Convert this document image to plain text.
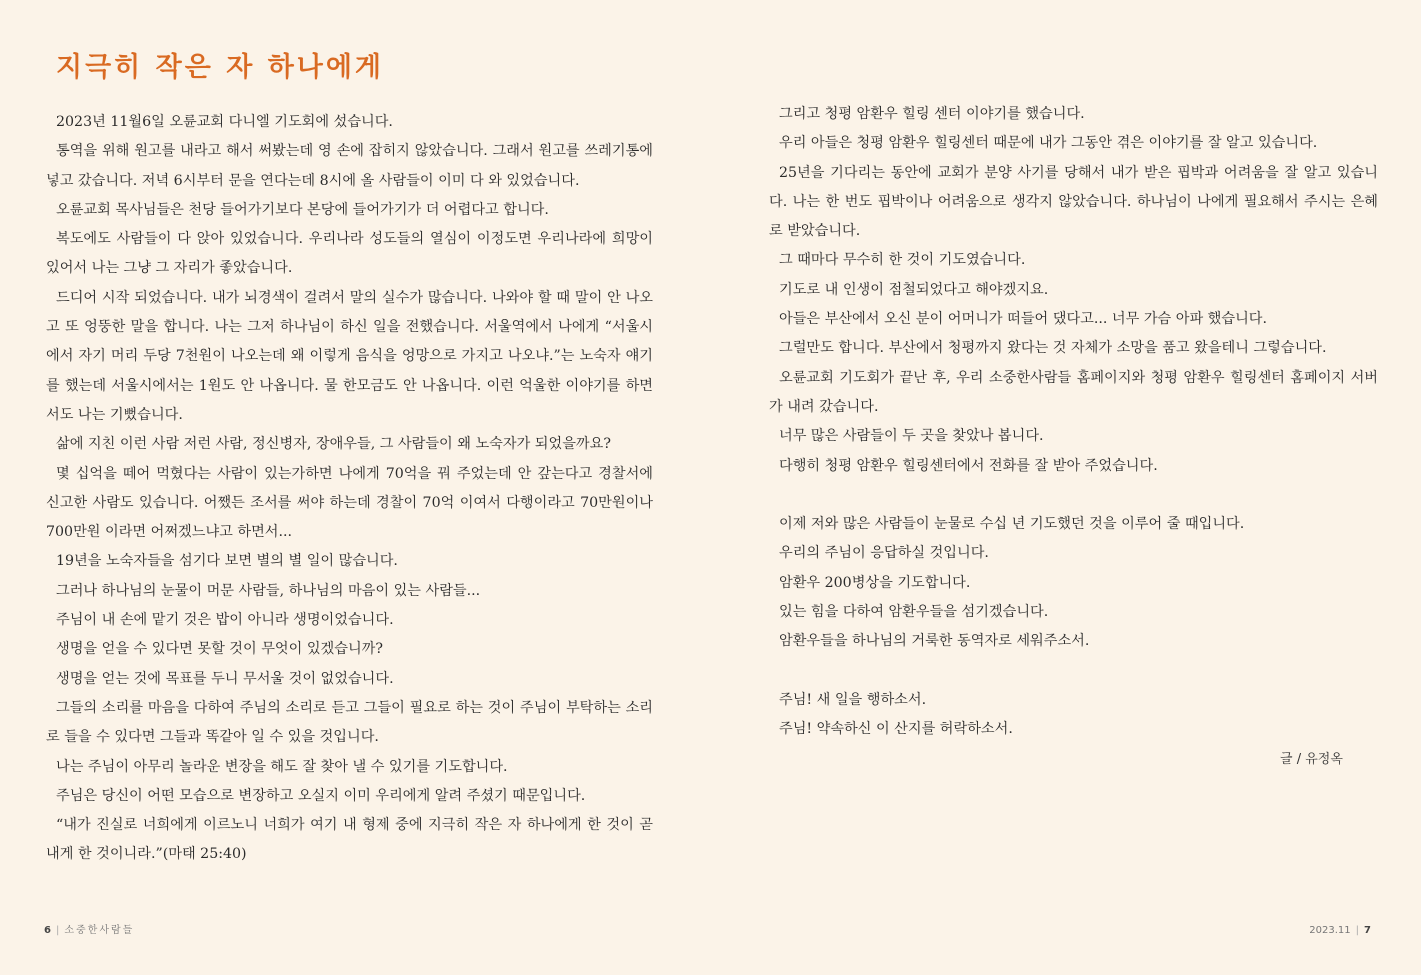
지극히 작은 자 하나에게

2023년 11월6일 오륜교회 다니엘 기도회에 섰습니다.

통역을 위해 원고를 내라고 해서 써봤는데 영 손에 잡히지 않았습니다. 그래서 원고를 쓰레기통에 넣고 갔습니다. 저녁 6시부터 문을 연다는데 8시에 올 사람들이 이미 다 와 있었습니다.

오륜교회 목사님들은 천당 들어가기보다 본당에 들어가기가 더 어렵다고 합니다.

복도에도 사람들이 다 앉아 있었습니다. 우리나라 성도들의 열심이 이정도면 우리나라에 희망이 있어서 나는 그냥 그 자리가 좋았습니다.

드디어 시작 되었습니다. 내가 뇌경색이 걸려서 말의 실수가 많습니다. 나와야 할 때 말이 안 나오고 또 엉뚱한 말을 합니다. 나는 그저 하나님이 하신 일을 전했습니다. 서울역에서 나에게 “서울시에서 자기 머리 두당 7천원이 나오는데 왜 이렇게 음식을 엉망으로 가지고 나오냐.”는 노숙자 얘기를 했는데 서울시에서는 1원도 안 나옵니다. 물 한모금도 안 나옵니다. 이런 억울한 이야기를 하면서도 나는 기뻤습니다.

삶에 지친 이런 사람 저런 사람, 정신병자, 장애우들, 그 사람들이 왜 노숙자가 되었을까요?

몇 십억을 떼어 먹혔다는 사람이 있는가하면 나에게 70억을 꿔 주었는데 안 갚는다고 경찰서에 신고한 사람도 있습니다. 어쨌든 조서를 써야 하는데 경찰이 70억 이여서 다행이라고 70만원이나 700만원 이라면 어쩌겠느냐고 하면서...

19년을 노숙자들을 섬기다 보면 별의 별 일이 많습니다.

그러나 하나님의 눈물이 머문 사람들, 하나님의 마음이 있는 사람들...

주님이 내 손에 맡기 것은 밥이 아니라 생명이었습니다.

생명을 얻을 수 있다면 못할 것이 무엇이 있겠습니까?

생명을 얻는 것에 목표를 두니 무서울 것이 없었습니다.

그들의 소리를 마음을 다하여 주님의 소리로 듣고 그들이 필요로 하는 것이 주님이 부탁하는 소리로 들을 수 있다면 그들과 똑같아 일 수 있을 것입니다.

나는 주님이 아무리 놀라운 변장을 해도 잘 찾아 낼 수 있기를 기도합니다.

주님은 당신이 어떤 모습으로 변장하고 오실지 이미 우리에게 알려 주셨기 때문입니다.

“내가 진실로 너희에게 이르노니 너희가 여기 내 형제 중에 지극히 작은 자 하나에게 한 것이 곧 내게 한 것이니라.”(마태 25:40)

그리고 청평 암환우 힐링 센터 이야기를 했습니다.

우리 아들은 청평 암환우 힐링센터 때문에 내가 그동안 겪은 이야기를 잘 알고 있습니다.

25년을 기다리는 동안에 교회가 분양 사기를 당해서 내가 받은 핍박과 어려움을 잘 알고 있습니다. 나는 한 번도 핍박이나 어려움으로 생각지 않았습니다. 하나님이 나에게 필요해서 주시는 은혜로 받았습니다.

그 때마다 무수히 한 것이 기도였습니다.

기도로 내 인생이 점철되었다고 해야겠지요.

아들은 부산에서 오신 분이 어머니가 떠들어 댔다고... 너무 가슴 아파 했습니다.

그럴만도 합니다. 부산에서 청평까지 왔다는 것 자체가 소망을 품고 왔을테니 그렇습니다.

오륜교회 기도회가 끝난 후, 우리 소중한사람들 홈페이지와 청평 암환우 힐링센터 홈페이지 서버가 내려 갔습니다.

너무 많은 사람들이 두 곳을 찾았나 봅니다.

다행히 청평 암환우 힐링센터에서 전화를 잘 받아 주었습니다.

이제 저와 많은 사람들이 눈물로 수십 년 기도했던 것을 이루어 줄 때입니다.

우리의 주님이 응답하실 것입니다.

암환우 200병상을 기도합니다.

있는 힘을 다하여 암환우들을 섬기겠습니다.

암환우들을 하나님의 거룩한 동역자로 세워주소서.

주님! 새 일을 행하소서.

주님! 약속하신 이 산지를 허락하소서.

글 / 유정옥
6 | 소중한사람들	2023.11 | 7
